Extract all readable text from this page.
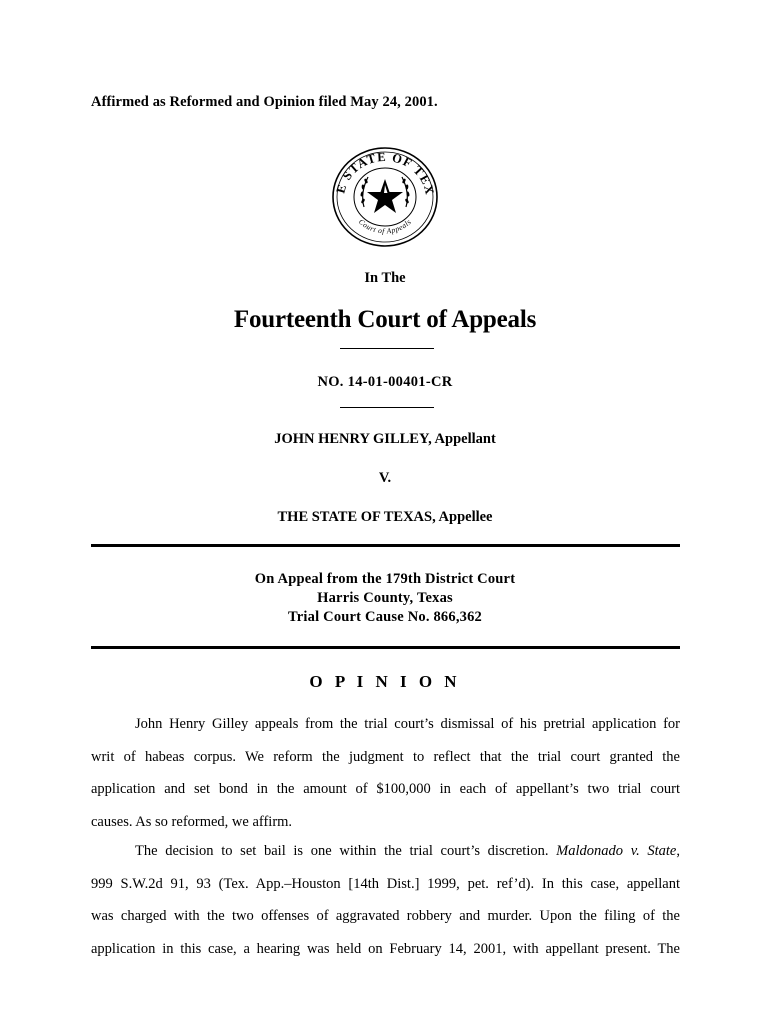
Affirmed as Reformed and Opinion filed May 24, 2001.
E STATE OF TEX
Court of Appeals
In The
Fourteenth Court of Appeals
NO. 14-01-00401-CR
JOHN HENRY GILLEY, Appellant
V.
THE STATE OF TEXAS, Appellee
On Appeal from the 179th District Court
Harris County, Texas
Trial Court Cause No. 866,362
O P I N I O N
John Henry Gilley appeals from the trial court’s dismissal of his pretrial application for
writ of habeas corpus. We reform the judgment to reflect that the trial court granted the
application and set bond in the amount of $100,000 in each of appellant’s two trial court
causes. As so reformed, we affirm.
The decision to set bail is one within the trial court’s discretion. Maldonado v. State,
999 S.W.2d 91, 93 (Tex. App.–Houston [14th Dist.] 1999, pet. ref’d). In this case, appellant
was charged with the two offenses of aggravated robbery and murder. Upon the filing of the
application in this case, a hearing was held on February 14, 2001, with appellant present. The
